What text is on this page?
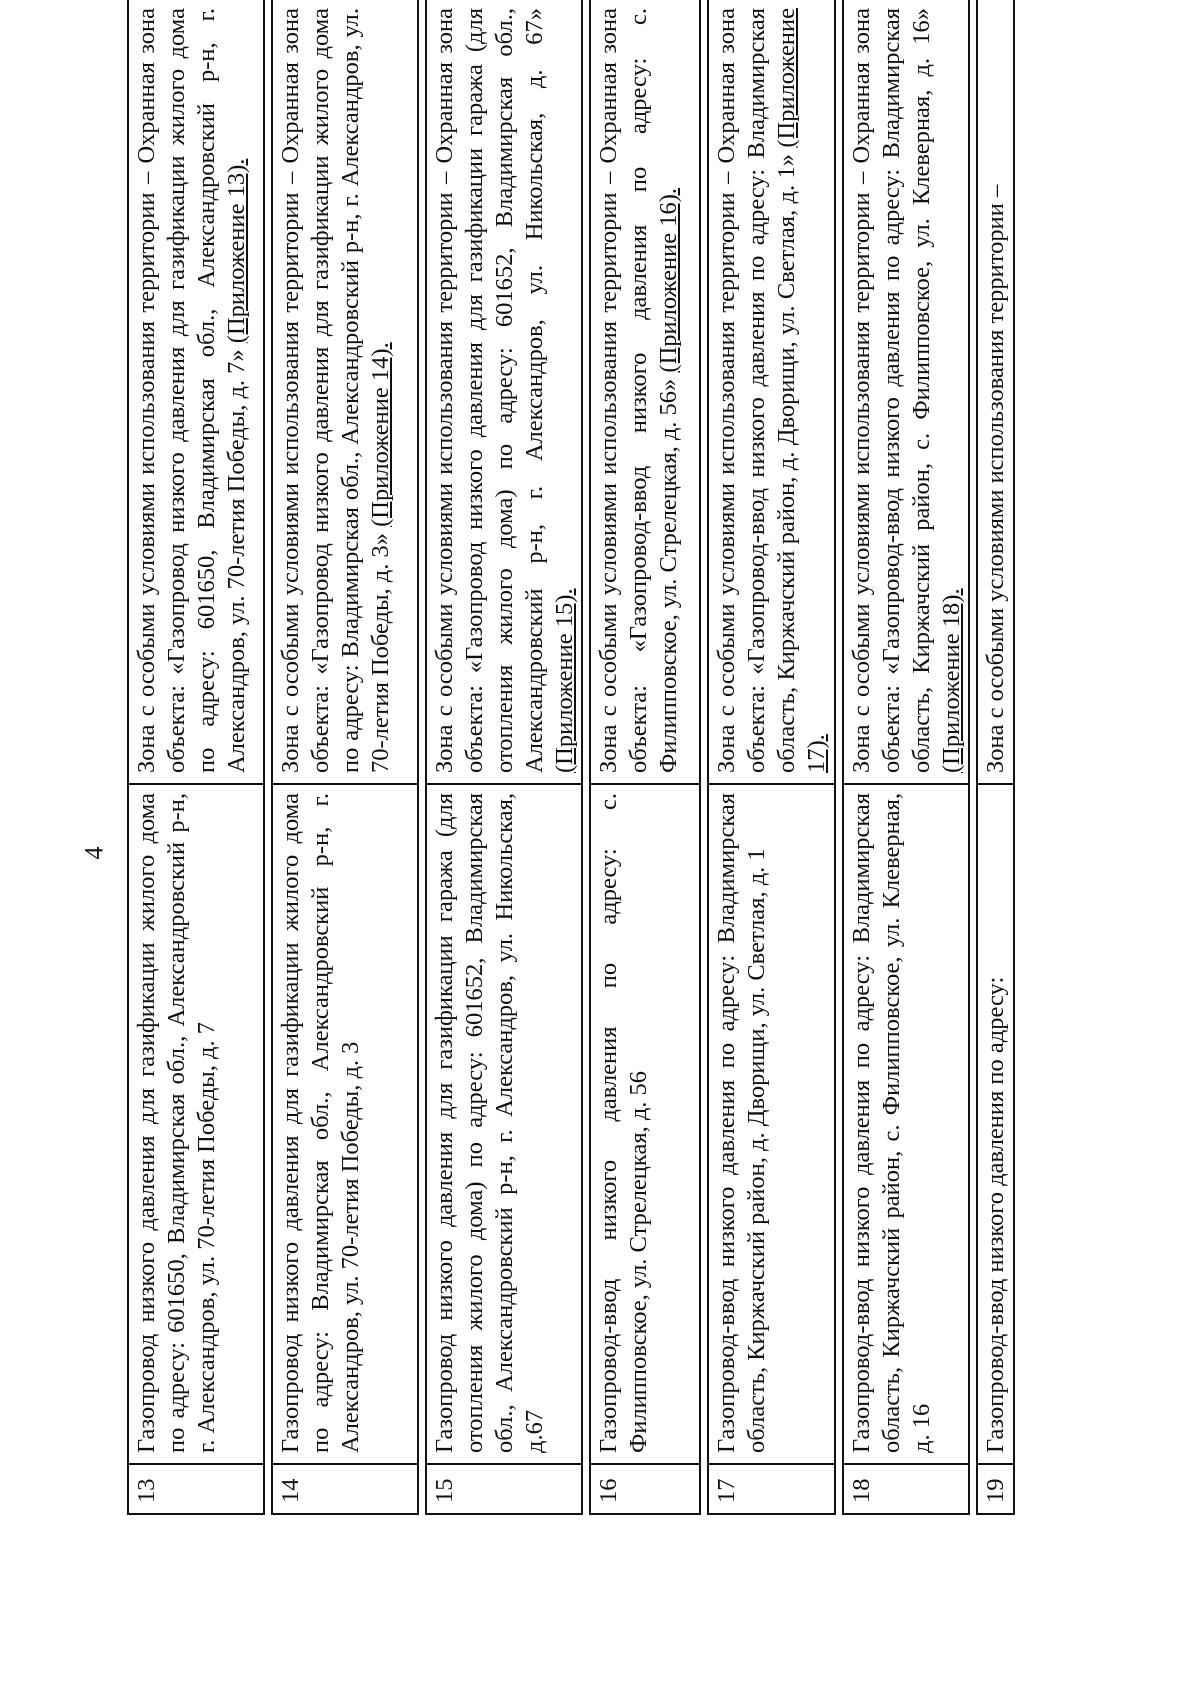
4
13	Газопровод низкого давления для газификации жилого дома по адресу: 601650, Владимирская обл., Александровский р-н, г. Александров, ул. 70-летия Победы, д. 7	Зона с особыми условиями использования территории – Охранная зона объекта: «Газопровод низкого давления для газификации жилого дома по адресу: 601650, Владимирская обл., Александровский р-н, г. Александров, ул. 70-летия Победы, д. 7» (Приложение 13).

14	Газопровод низкого давления для газификации жилого дома по адресу: Владимирская обл., Александровский р-н, г. Александров, ул. 70-летия Победы, д. 3	Зона с особыми условиями использования территории – Охранная зона объекта: «Газопровод низкого давления для газификации жилого дома по адресу: Владимирская обл., Александровский р-н, г. Александров, ул. 70-летия Победы, д. 3» (Приложение 14).

15	Газопровод низкого давления для газификации гаража (для отопления жилого дома) по адресу: 601652, Владимирская обл., Александровский р-н, г. Александров, ул. Никольская, д.67	Зона с особыми условиями использования территории – Охранная зона объекта: «Газопровод низкого давления для газификации гаража (для отопления жилого дома) по адресу: 601652, Владимирская обл., Александровский р-н, г. Александров, ул. Никольская, д. 67» (Приложение 15).

16	Газопровод-ввод низкого давления по адресу: с. Филипповское, ул. Стрелецкая, д. 56	Зона с особыми условиями использования территории – Охранная зона объекта: «Газопровод-ввод низкого давления по адресу: с. Филипповское, ул. Стрелецкая, д. 56» (Приложение 16).

17	Газопровод-ввод низкого давления по адресу: Владимирская область, Киржачский район, д. Дворищи, ул. Светлая, д. 1	Зона с особыми условиями использования территории – Охранная зона объекта: «Газопровод-ввод низкого давления по адресу: Владимирская область, Киржачский район, д. Дворищи, ул. Светлая, д. 1» (Приложение 17).

18	Газопровод-ввод низкого давления по адресу: Владимирская область, Киржачский район, с. Филипповское, ул. Клеверная, д. 16	Зона с особыми условиями использования территории – Охранная зона объекта: «Газопровод-ввод низкого давления по адресу: Владимирская область, Киржачский район, с. Филипповское, ул. Клеверная, д. 16» (Приложение 18).

19	Газопровод-ввод низкого давления по адресу:	Зона с особыми условиями использования территории –
